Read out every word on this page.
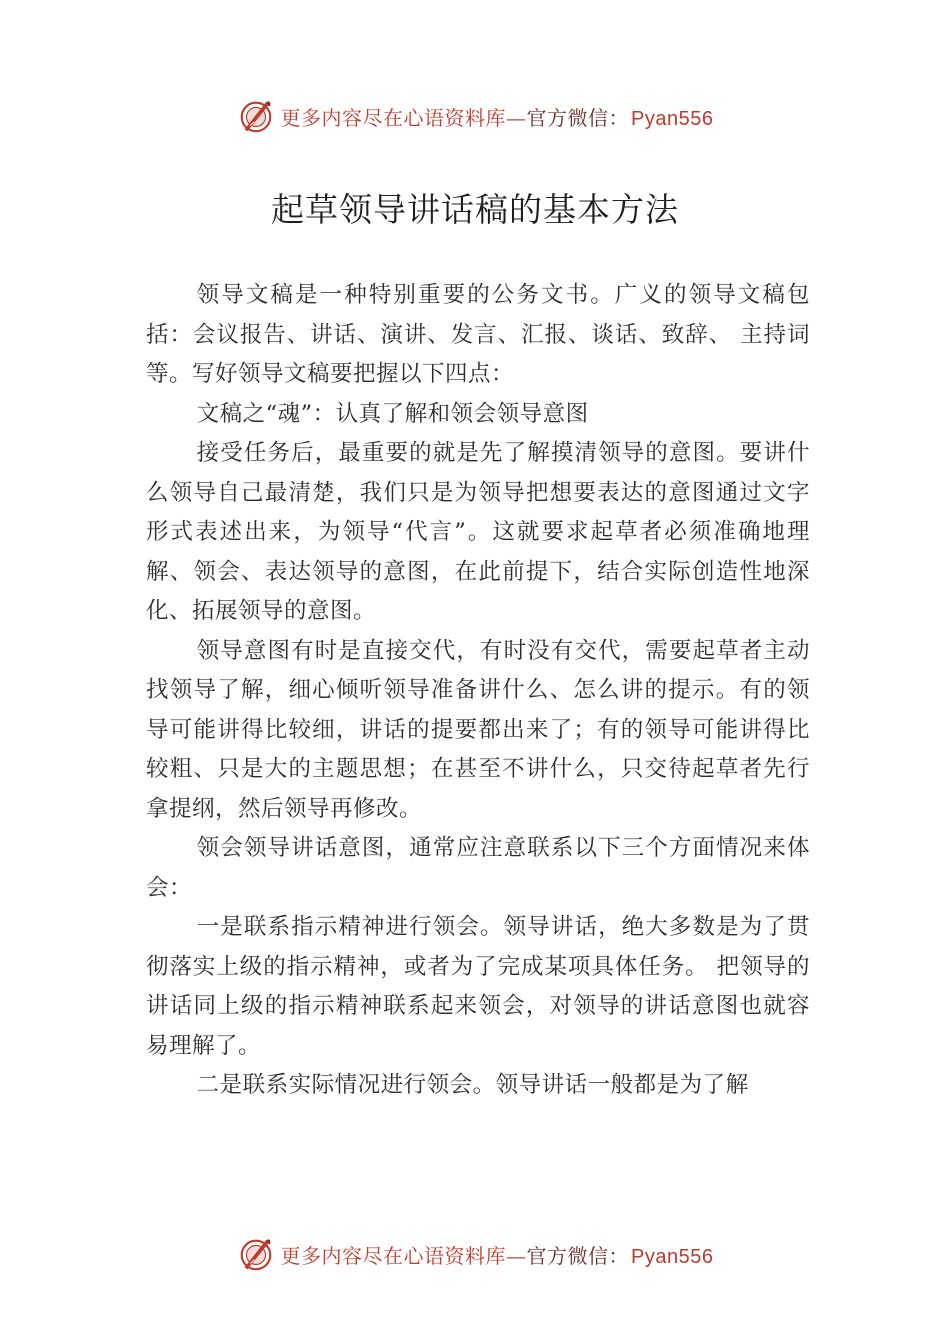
更多内容尽在心语资料库—官方微信： Pyan556
起草领导讲话稿的基本方法

领导文稿是一种特别重要的公务文书。广义的领导文稿包括：会议报告、讲话、演讲、发言、汇报、谈话、致辞、 主持词等。写好领导文稿要把握以下四点：

文稿之“魂”：认真了解和领会领导意图

接受任务后，最重要的就是先了解摸清领导的意图。要讲什么领导自己最清楚，我们只是为领导把想要表达的意图通过文字形式表述出来，为领导“代言”。这就要求起草者必须准确地理解、领会、表达领导的意图，在此前提下，结合实际创造性地深化、拓展领导的意图。

领导意图有时是直接交代，有时没有交代，需要起草者主动找领导了解，细心倾听领导准备讲什么、怎么讲的提示。有的领导可能讲得比较细，讲话的提要都出来了；有的领导可能讲得比较粗、只是大的主题思想；在甚至不讲什么，只交待起草者先行拿提纲，然后领导再修改。

领会领导讲话意图，通常应注意联系以下三个方面情况来体会：

一是联系指示精神进行领会。领导讲话，绝大多数是为了贯彻落实上级的指示精神，或者为了完成某项具体任务。 把领导的讲话同上级的指示精神联系起来领会，对领导的讲话意图也就容易理解了。

二是联系实际情况进行领会。领导讲话一般都是为了解

更多内容尽在心语资料库—官方微信： Pyan556
